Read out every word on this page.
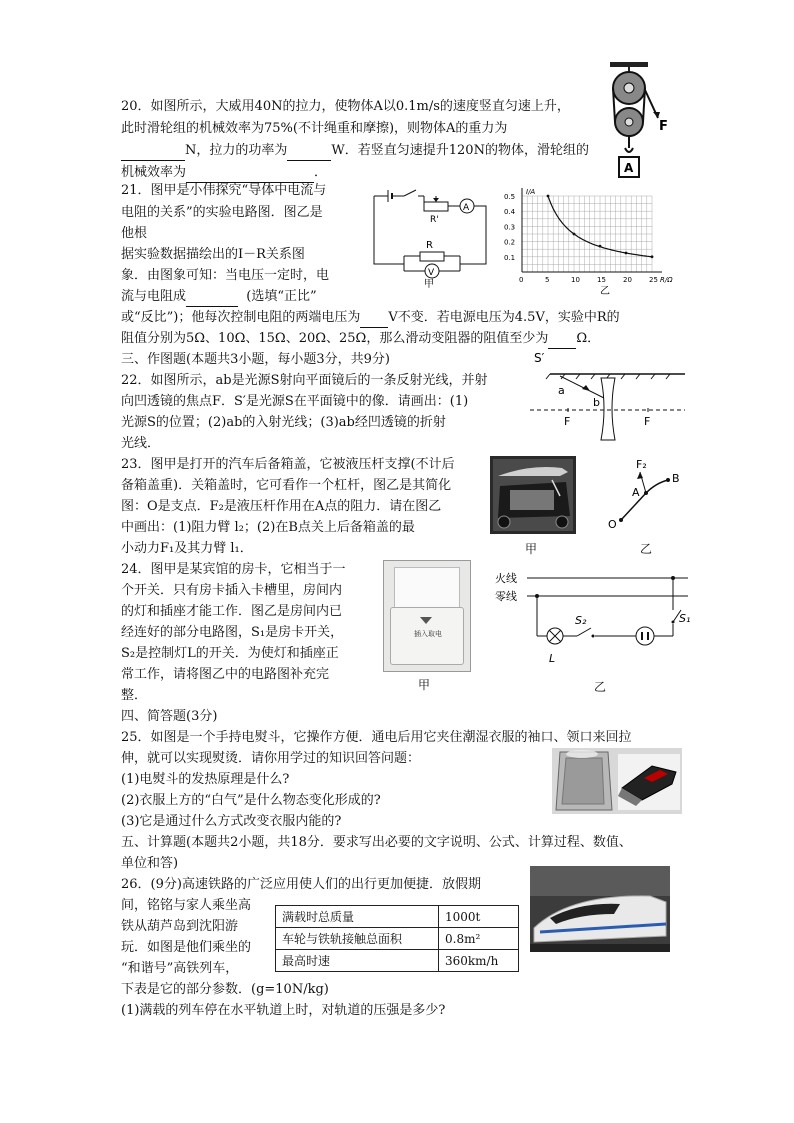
20．如图所示，大威用40N的拉力，使物体A以0.1m/s的速度竖直匀速上升，
此时滑轮组的机械效率为75%(不计绳重和摩擦)，则物体A的重力为
N，拉力的功率为	W．若竖直匀速提升120N的物体，滑轮组的
机械效率为	．
F
A
21．图甲是小伟探究“导体中电流与
电阻的关系”的实验电路图．图乙是
他根
据实验数据描绘出的I－R关系图
象．由图象可知：当电压一定时，电
流与电阻成	(选填“正比”
或“反比”)；他每次控制电阻的两端电压为 V不变．若电源电压为4.5V，实验中R的
阻值分别为5Ω、10Ω、15Ω、20Ω、25Ω，那么滑动变阻器的阻值至少为 Ω．
A
R'
R
V
甲	0	5	10 15 20 25
0.1
0.2
0.3
0.4
0.5
I/A
R/Ω
乙
三、作图题(本题共3小题，每小题3分，共9分)
22．如图所示，ab是光源S射向平面镜后的一条反射光线，并射
向凹透镜的焦点F．S′是光源S在平面镜中的像．请画出：(1)
光源S的位置；(2)ab的入射光线；(3)ab经凹透镜的折射
光线．
S′
a
b
F	F
23．图甲是打开的汽车后备箱盖，它被液压杆支撑(不计后
备箱盖重)．关箱盖时，它可看作一个杠杆，图乙是其简化
图：O是支点．F₂是液压杆作用在A点的阻力．请在图乙
中画出：(1)阻力臂 l₂；(2)在B点关上后备箱盖的最
小动力F₁及其力臂 l₁．	甲
F₂
A
B
O
乙
24．图甲是某宾馆的房卡，它相当于一
个开关．只有房卡插入卡槽里，房间内
的灯和插座才能工作．图乙是房间内已
经连好的部分电路图，S₁是房卡开关，
S₂是控制灯L的开关．为使灯和插座正
常工作，请将图乙中的电路图补充完
整．
插入取电
甲
火线
零线
L
S₂	S₁
乙
四、简答题(3分)
25．如图是一个手持电熨斗，它操作方便．通电后用它夹住潮湿衣服的袖口、领口来回拉
伸，就可以实现熨烫．请你用学过的知识回答问题：
(1)电熨斗的发热原理是什么?
(2)衣服上方的“白气”是什么物态变化形成的?
(3)它是通过什么方式改变衣服内能的?
五、计算题(本题共2小题，共18分．要求写出必要的文字说明、公式、计算过程、数值、
单位和答)
26．(9分)高速铁路的广泛应用使人们的出行更加便捷．放假期
间，铭铭与家人乘坐高
铁从葫芦岛到沈阳游
玩．如图是他们乘坐的
“和谐号”高铁列车，
下表是它的部分参数．(g=10N/kg)
(1)满载的列车停在水平轨道上时，对轨道的压强是多少?
满载时总质量	1000t
车轮与铁轨接触总面积	0.8m²
最高时速	360km/h
